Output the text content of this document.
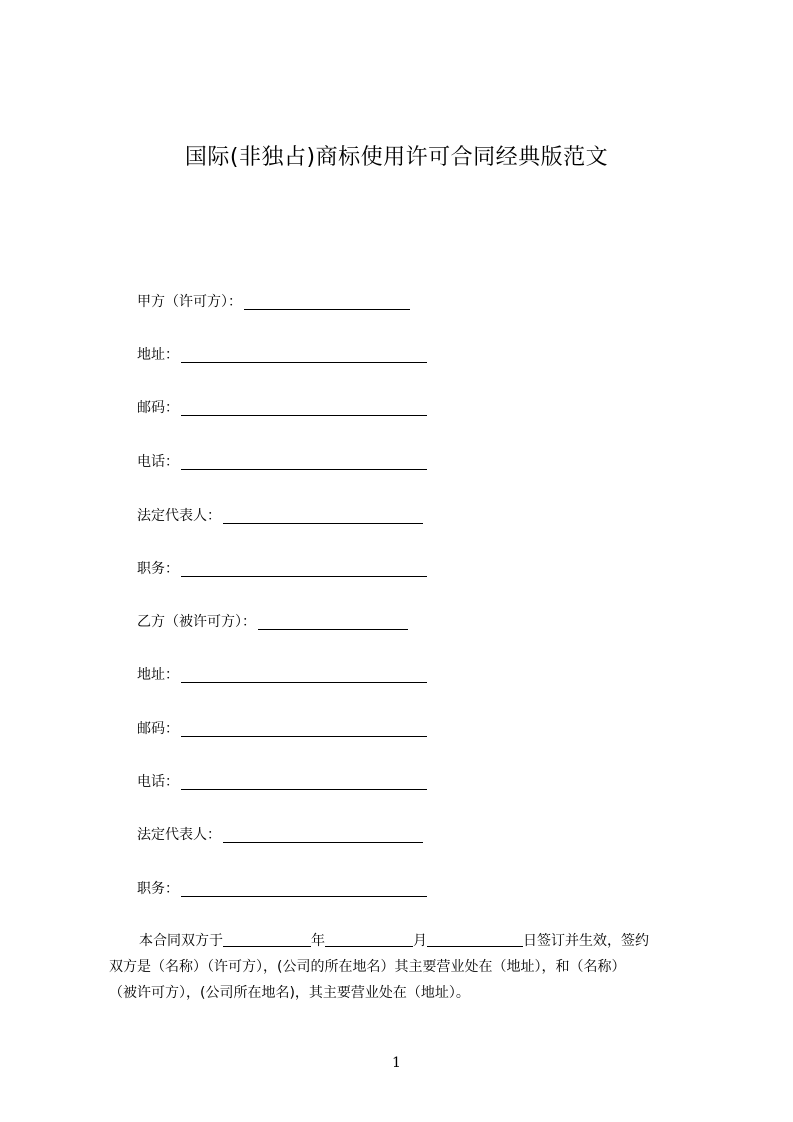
国际(非独占)商标使用许可合同经典版范文
甲方（许可方）：
地址：
邮码：
电话：
法定代表人：
职务：
乙方（被许可方）：
地址：
邮码：
电话：
法定代表人：
职务：
本合同双方于	年	月	日签订并生效，签约
双方是（名称）（许可方），(公司的所在地名）其主要营业处在（地址），和（名称）
（被许可方），(公司所在地名)，其主要营业处在（地址）。
1
